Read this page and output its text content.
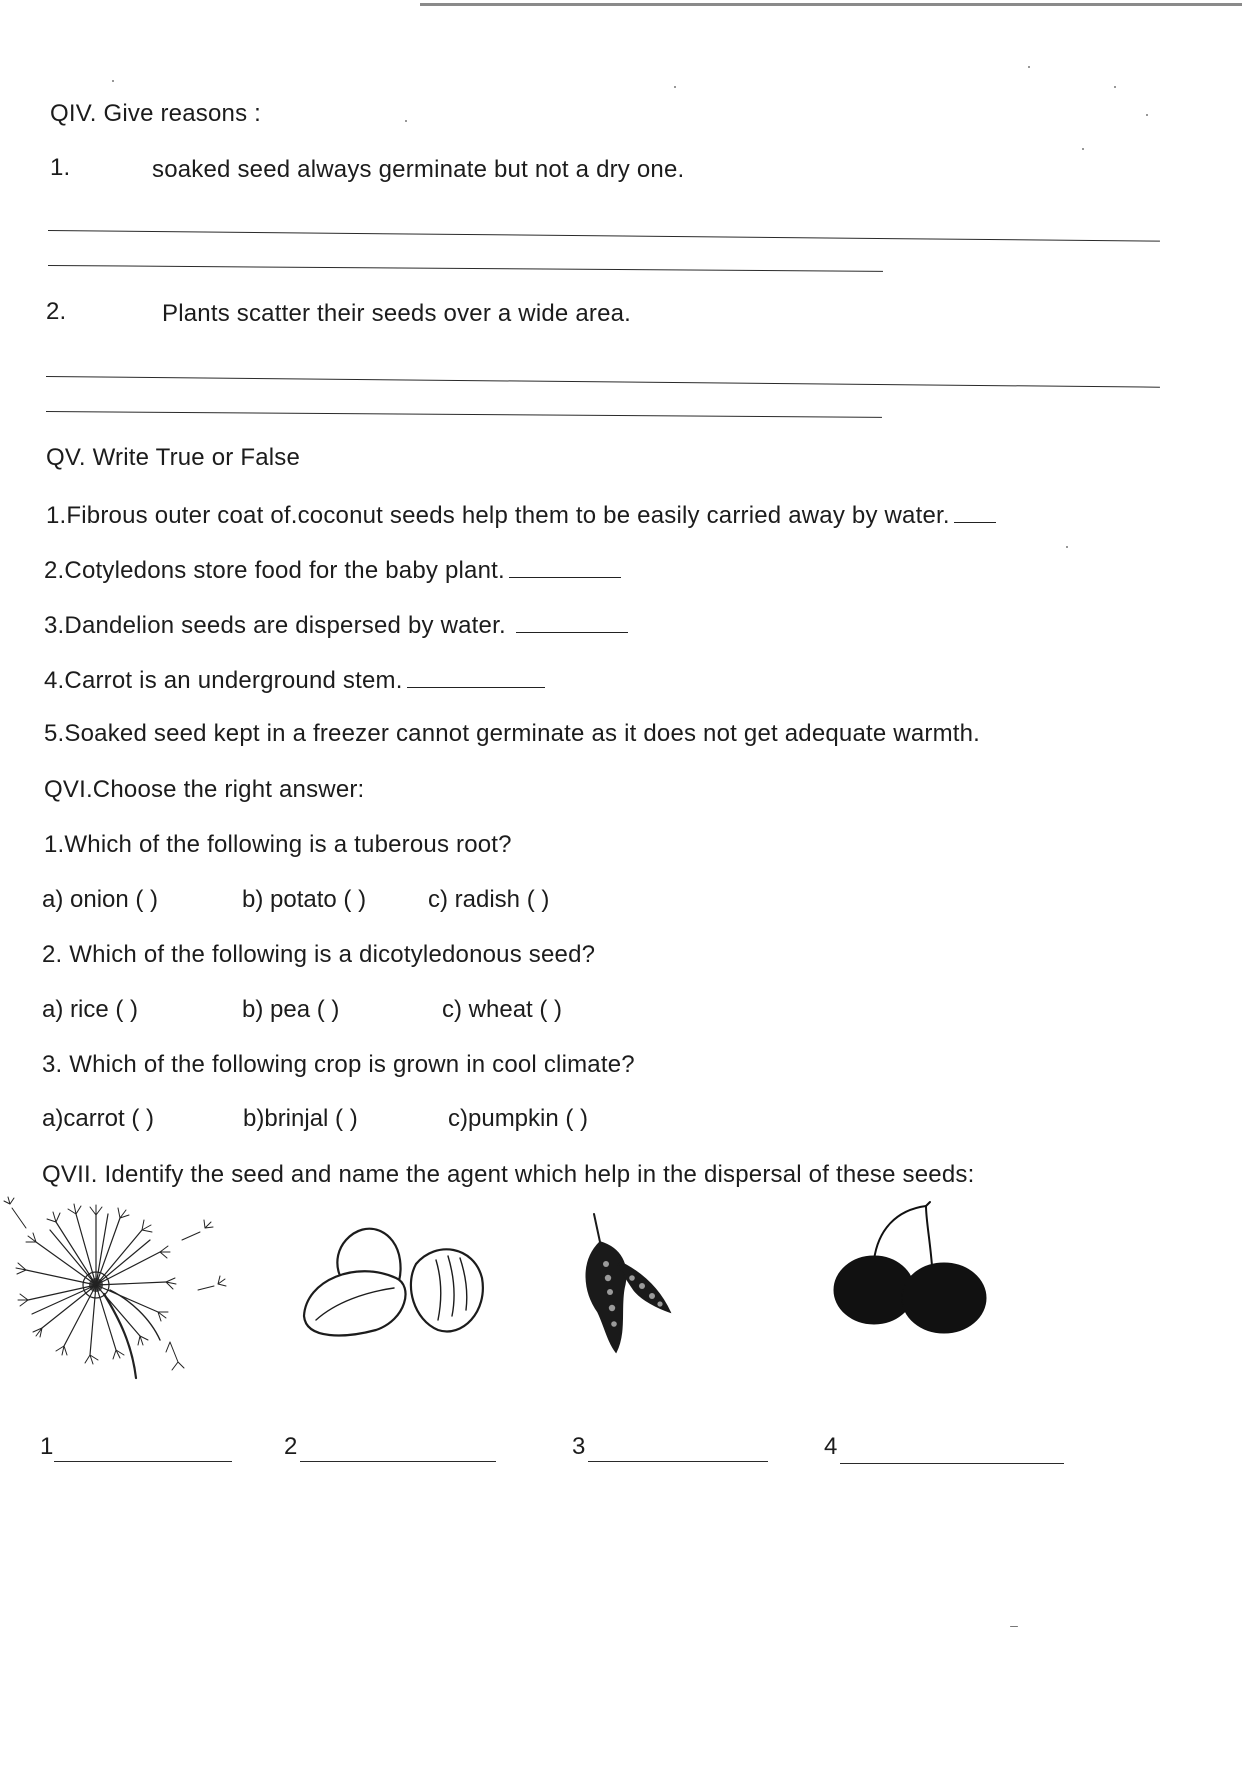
QIV. Give reasons :
1.	soaked seed always germinate but not a dry one.
2.	Plants scatter their seeds over a wide area.
QV. Write True or False
1.Fibrous outer coat of.coconut seeds help them to be easily carried away by water.
2.Cotyledons store food for the baby plant.
3.Dandelion seeds are dispersed by water.
4.Carrot is an underground stem.
5.Soaked seed kept in a freezer cannot germinate as it does not get adequate warmth.
QVI.Choose the right answer:
1.Which of the following is a tuberous root?
a) onion ( )	b) potato ( )	c) radish ( )
2. Which of the following is a dicotyledonous seed?
a) rice ( )	b) pea ( )	c) wheat ( )
3. Which of the following crop is grown in cool climate?
a)carrot ( )	b)brinjal ( )	c)pumpkin ( )
QVII. Identify the seed and name the agent which help in the dispersal of these seeds:
1	2	3	4
